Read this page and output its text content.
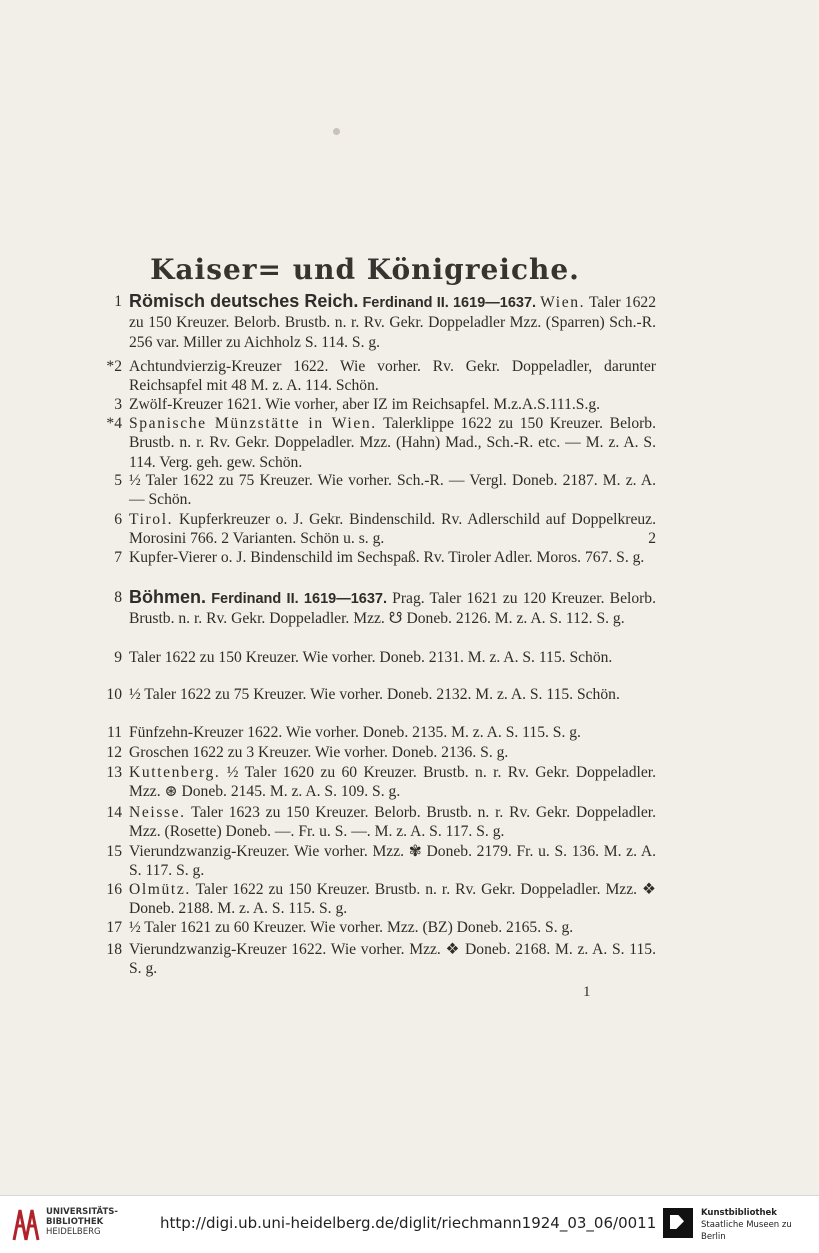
Kaiser= und Königreiche.
1 Römisch deutsches Reich. Ferdinand II. 1619—1637. Wien. Taler 1622 zu 150 Kreuzer. Belorb. Brustb. n. r. Rv. Gekr. Doppeladler Mzz. (Sparren) Sch.-R. 256 var. Miller zu Aichholz S. 114. S. g.
*2 Achtundvierzig-Kreuzer 1622. Wie vorher. Rv. Gekr. Doppeladler, darunter Reichsapfel mit 48 M. z. A. 114. Schön.
3 Zwölf-Kreuzer 1621. Wie vorher, aber IZ im Reichsapfel. M.z.A.S.111.S.g.
*4 Spanische Münzstätte in Wien. Talerklippe 1622 zu 150 Kreuzer. Belorb. Brustb. n. r. Rv. Gekr. Doppeladler. Mzz. (Hahn) Mad., Sch.-R. etc. — M. z. A. S. 114. Verg. geh. gew. Schön.
5 ½ Taler 1622 zu 75 Kreuzer. Wie vorher. Sch.-R. — Vergl. Doneb. 2187. M. z. A. — Schön.
6 Tirol. Kupferkreuzer o. J. Gekr. Bindenschild. Rv. Adlerschild auf Doppelkreuz. Morosini 766. 2 Varianten. Schön u. s. g.	2
7 Kupfer-Vierer o. J. Bindenschild im Sechspaß. Rv. Tiroler Adler. Moros. 767. S. g.
8 Böhmen. Ferdinand II. 1619—1637. Prag. Taler 1621 zu 120 Kreuzer. Belorb. Brustb. n. r. Rv. Gekr. Doppeladler. Mzz. ☋ Doneb. 2126. M. z. A. S. 112. S. g.
9 Taler 1622 zu 150 Kreuzer. Wie vorher. Doneb. 2131. M. z. A. S. 115. Schön.
10 ½ Taler 1622 zu 75 Kreuzer. Wie vorher. Doneb. 2132. M. z. A. S. 115. Schön.
11 Fünfzehn-Kreuzer 1622. Wie vorher. Doneb. 2135. M. z. A. S. 115. S. g.
12 Groschen 1622 zu 3 Kreuzer. Wie vorher. Doneb. 2136. S. g.
13 Kuttenberg. ½ Taler 1620 zu 60 Kreuzer. Brustb. n. r. Rv. Gekr. Doppeladler. Mzz. ⊛ Doneb. 2145. M. z. A. S. 109. S. g.
14 Neisse. Taler 1623 zu 150 Kreuzer. Belorb. Brustb. n. r. Rv. Gekr. Doppeladler. Mzz. (Rosette) Doneb. —. Fr. u. S. —. M. z. A. S. 117. S. g.
15 Vierundzwanzig-Kreuzer. Wie vorher. Mzz. ✾ Doneb. 2179. Fr. u. S. 136. M. z. A. S. 117. S. g.
16 Olmütz. Taler 1622 zu 150 Kreuzer. Brustb. n. r. Rv. Gekr. Doppeladler. Mzz. ❖ Doneb. 2188. M. z. A. S. 115. S. g.
17 ½ Taler 1621 zu 60 Kreuzer. Wie vorher. Mzz. (BZ) Doneb. 2165. S. g.
18 Vierundzwanzig-Kreuzer 1622. Wie vorher. Mzz. ❖ Doneb. 2168. M. z. A. S. 115. S. g.
1
UNIVERSITÄTS-
BIBLIOTHEK
HEIDELBERG	http://digi.ub.uni-heidelberg.de/diglit/riechmann1924_03_06/0011
Kunstbibliothek
Staatliche Museen zu Berlin
